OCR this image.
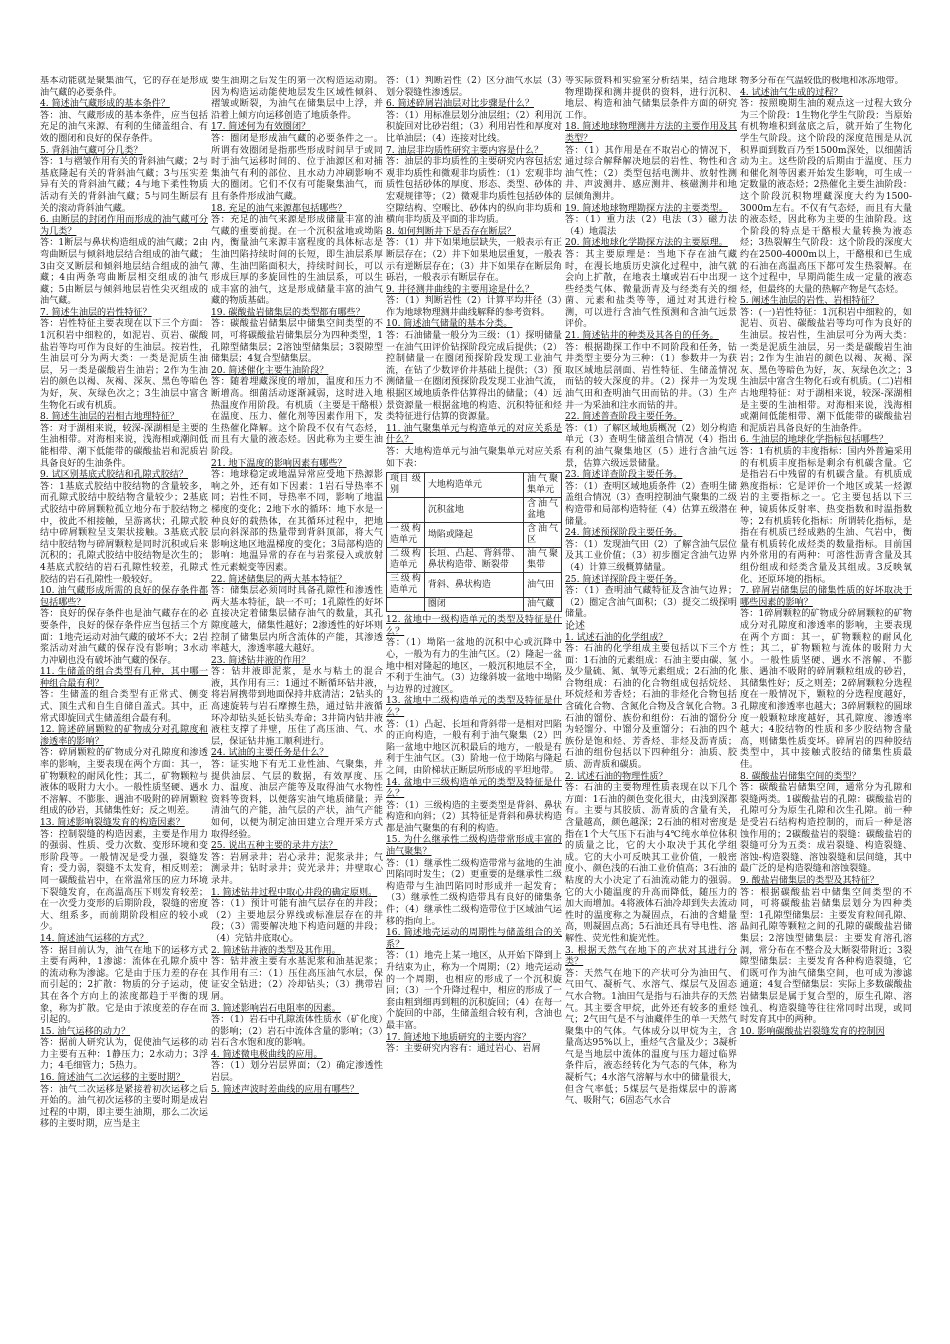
基本动能就是聚集油气，它的存在是形成油气藏的必要条件。

4. 简述油气藏形成的基本条件？

答：油、气藏形成的基本条件，应当包括充足的油气来源、有利的生储盖组合、有效的圈闭和良好的保存条件。

5. 背斜油气藏可分几类？

答：1与褶皱作用有关的背斜油气藏；2与基底隆起有关的背斜油气藏；3与压实差异有关的背斜油气藏；4与地下柔性物质活动有关的背斜油气藏；5与同生断层有关的滚动背斜油气藏。

6. 由断层的封闭作用而形成的油气藏可分为几类？

答：1断层与鼻状构造组成的油气藏；2由弯曲断层与倾斜地层结合组成的油气藏；3由交叉断层和倾斜地层结合组成的油气藏；4由两条弯曲断层相交组成的油气藏；5由断层与倾斜地层岩性尖灭组成的油气藏。

7. 简述生油层的岩性特征？

答：岩性特征主要表现在以下三个方面：1沉积岩中细粒的，如泥岩、页岩、碳酸盐岩等均可作为良好的生油层。按岩性，生油层可分为两大类：一类是泥质生油层，另一类是碳酸岩生油岩；2作为生油岩的颜色以褐、灰褐、深灰、黑色等暗色为好，灰、灰绿色次之；3生油层中富含生物化石或有机质。

8. 简述生油层的岩相古地理特征？

答：对于湖相来说，较深-深湖相是主要的生油相带。对海相来说，浅海相或潮间低能相带、潮下低能带的碳酸盐岩和泥质岩具备良好的生油条件。

9. 试区别基底式胶结和孔隙式胶结？

答：1基底式胶结中胶结物的含量较多，而孔隙式胶结中胶结物含量较少；2基底式胶结中碎屑颗粒孤立地分布于胶结物之中，彼此不相接触，呈游离状；孔隙式胶结中碎屑颗粒呈支架状接触。3基底式胶结中胶结物与碎屑颗粒是同时沉积或后来沉积的；孔隙式胶结中胶结物是次生的；4基底式胶结的岩石孔隙性较差，孔隙式胶结的岩石孔隙性一般较好。

10. 油气藏形成所需的良好的保存条件都包括哪些？

答：良好的保存条件也是油气藏存在的必要条件，良好的保存条件应当包括三个方面：1地壳运动对油气藏的破坏不大；2岩浆活动对油气藏的保存没有影响；3水动力冲刷也没有破坏油气藏的保存。

11. 生储盖的组合类型有几种，其中哪一种组合最有利？

答：生储盖的组合类型有正常式、侧变式、顶生式和自生自储自盖式。其中，正常式即旋回式生储盖组合最有利。

12. 简述碎屑颗粒的矿物成分对孔隙度和渗透率的影响？

答：碎屑颗粒的矿物成分对孔隙度和渗透率的影响，主要表现在两个方面：其一，矿物颗粒的耐风化性；其二，矿物颗粒与液体的吸附力大小。一般性质坚硬、遇水不溶解、不膨胀、遇油不吸附的碎屑颗粒组成的砂岩，其储集性好；反之则差。

13. 简述影响裂缝发育的构造因素？

答：控制裂缝的构造因素，主要是作用力的强弱、性质、受力次数、变形环境和变形阶段等。一般情况是受力强，裂缝发育；受力弱，裂缝不太发育，相反则差；同一碳酸盐岩中，在常温常压的应力环境下裂缝发育，在高温高压下则发育较差；在一次受力变形的后期阶段，裂缝的密度大、组系多，而前期阶段相应的较小或少。

14. 简述油气运移的方式？

答：据目前认为，油气在地下的运移方式主要有两种，1渗滤：流体在孔隙介质中的流动称为渗滤。它是由于压力差的存在而引起的；2扩散：物质的分子运动，使其在各个方向上的浓度都趋于平衡的现象，称为扩散。它是由于浓度差的存在而引起的。

15. 油气运移的动力？

答：据前人研究认为，促使油气运移的动力主要有五种：1静压力；2水动力；3浮力；4毛细管力；5热力。

16. 简述油气二次运移的主要时期？

答：油气二次运移是紧接着初次运移之后开始的。油气初次运移的主要时期是成岩过程的中期，即主要生油期，那么二次运移的主要时期，应当是主

要生油期之后发生的第一次构造运动期。因为构造运动能使地层发生区域性倾斜、褶皱或断裂，为油气在储集层中上浮，并沿着上倾方向运移创造了地质条件。

17. 简述何为有效圈闭？

答：圈闭是形成油气藏的必要条件之一。所谓有效圈闭是指那些形成时间早于或同时于油气运移时间的、位于油源区和对捕集油气有利的部位、且水动力冲刷影响不大的圈闭。它们不仅有可能聚集油气，而且有条件形成油气藏。

18. 充足的油气来源都包括哪些？

答：充足的油气来源是形成储量丰富的油气藏的重要前提。在一个沉积盆地或坳陷内，衡量油气来源丰富程度的具体标志是生油凹陷持续时间的长短，即生油层系厚薄、生油凹陷面积大，持续时间长，可以形成巨厚的多旋回性的生油层系，可以生成丰富的油气，这是形成储量丰富的油气藏的物质基础。

19. 碳酸盐岩储集层的类型都有哪些？

答：碳酸盐岩储集层中储集空间类型的不同，可将碳酸盐岩储集层分为四种类型，1孔隙型储集层；2溶蚀型储集层；3裂隙型储集层；4复合型储集层。

20. 简述催化主要生油阶段？

答：随着埋藏深度的增加，温度和压力不断增高。细菌活动逐渐减弱，这时进入地热温度作用阶段。有机质（主要是干酪根）在温度、压力、催化剂等因素作用下，发生热催化降解。这个阶段不仅有气态烃，而且有大量的液态烃。因此称为主要生油阶段。

21. 地下温度的影响因素有哪些？

答：地球稳定或地温异常应受地下热源影响之外，还有如下因素：1岩石导热率不同；岩性不同，导热率不同，影响了地温梯度的变化；2地下水的循环：地下水是一种良好的载热体，在其循环过程中，把地层向斜深部的热量带到背斜顶部，将大气影响这地区地温梯度的变化；3局部构造的影响：地温异常的存在与岩浆侵入或放射性元素蜕变等因素。

22. 简述储集层的两大基本特征？

答：储集层必须同时具备孔隙性和渗透性两大基本特征，缺一不可；1孔隙性的好坏直接决定着储集层储存油气的数量，其孔隙度越大，储集性越好；2渗透性的好坏则控制了储集层内所含流体的产能，其渗透率越大，渗透率越大越好。

23. 简述钻井液的作用？

答：钻井液即泥浆，是水与粘土的混合液，其作用有三：1通过不断循环钻井液，将岩屑携带到地面保持井底清洁；2钻头的高速旋转与岩石摩擦生热，通过钻井液循环冷却钻头延长钻头寿命；3井筒内钻井液液柱支撑了井壁，压住了高压油、气、水层，保证钻井施工顺利进行。

24. 试油的主要任务是什么？

答：证实地下有无工业性油、气聚集，并提供油层、气层的数据，有效厚度、压力、温度、油层产能等及取得油气水物性资料等资料，以便落实油气地质储量；弄清油气的产能，油气层的产状，油气产能如何，以便为制定油田建立合理开采方式取得经验。

25. 说出五种主要的录井方法？

答：岩屑录井；岩心录井；泥浆录井；气测录井；钻时录井；荧光录井；井壁取心录井。

1. 简述钻井过程中取心井段的确定原则。

答：（1）预计可能有油气层存在的井段；（2）主要地层分界线或标准层存在的井段；（3）需要解决地下构造问题的井段；（4）完钻井底取心。

2. 简述钻井液的类型及其作用。

答：钻井液主要有水基泥浆和油基泥浆；其作用有三：（1）压住高压油气水层，保证安全钻进；（2）冷却钻头；（3）携带岩屑。

3. 简述影响岩石电阻率的因素。

答：（1）岩石中孔隙流体性质水（矿化度）的影响；（2）岩石中流体含量的影响；（3）岩石含水饱和度的影响。

4. 简述微电极曲线的应用。

答：（1）划分岩层界面；（2）确定渗透性岩层。

5. 简述声波时差曲线的应用有哪些？

答：（1）判断岩性（2）区分油气水层（3）划分裂缝性渗透层。

6. 简述碎屑岩油层对比步骤是什么？

答：（1）用标准层划分油层组；（2）利用沉积旋回对比砂岩组；（3）利用岩性和厚度对比单油层；（4）连接对比线。

7. 油层非均质性研究主要内容是什么？

答：油层的非均质性的主要研究内容包括宏观非均质性和微观非均质性：（1）宏观非均质性包括砂体的厚度、形态、类型、砂体的宏观规律等；（2）微观非均质性包括砂体的空隙结构、空喉比、砂体内的纵向非均质和横向非均质及平面的非均质。

8. 如何判断井下是否存在断层？

答：（1）井下如果地层缺失，一般表示有正断层存在；（2）井下如果地层重复，一般表示有逆断层存在；（3）井下如果存在断层角砾岩，一般表示有断层存在。

9. 井径测井曲线的主要用途是什么？

答：（1）判断岩性（2）计算平均井径（3）作为地球物理测井曲线解释的参考资料。

10. 简述油气储量的基本分类。

答：石油储量一般分为三级：（1）探明储量一在油气田评价钻探阶段完成后提供；（2）控制储量一在圈闭预探阶段发现工业油气流，在钻了少数评价井基础上提供；（3）预测储量一在圈闭预探阶段发现工业油气流，根据区域地质条件估算得出的储量；（4）远景资源量一根据盆地的构造、沉积特征和烃类特征进行估算的资源量。

11. 油气聚集单元与构造单元的对应关系是什么？

答：大地构造单元与油气聚集单元对应关系如下表：

项目 级别	大地构造单元	油气聚集单元
	沉积盆地	含油气盆地
一级构造单元	坳陷或隆起	含油气区
二级构造单元	长垣、凸起、背斜带、鼻状构造带、断裂带	油气聚集带
三级构造单元	背斜、鼻状构造	油气田
	圈闭	油气藏

12. 盆地中一级构造单元的类型及特征是什么？

答：（1）坳陷一盆地的沉积中心或沉降中心，一般为有力的生油气区。（2）隆起一盆地中相对隆起的地区，一般沉积地层不全，不利于生油气。（3）边缘斜坡一盆地中坳陷与边界的过渡区。

13. 盆地中二级构造单元的类型及特征是什么？

答：（1）凸起、长垣和背斜带一是相对凹陷的正向构造，一般有利于油气聚集（2）凹陷一盆地中地区沉积最后的地方，一般是有利于生油气区。（3）阶地一位于坳陷与隆起之间，由阶梯状正断层所形成的平坦地带。

14. 盆地中三级构造单元的类型及特征是什么？

答：（1）三级构造的主要类型是背斜、鼻状构造和向斜；（2）其特征是背斜和鼻状构造都是油气聚集的有利的构造。

15. 为什么继承性二级构造带常形成丰富的油气聚集？

答：（1）继承性二级构造带常与盆地的生油凹陷同时发生；（2）更重要的是继承性二级构造带与生油凹陷同时形成并一起发育；（3）继承性二级构造带具有良好的储集条件；（4）继承性二级构造带位于区域油气运移的指向上。

16. 简述地壳运动的周期性与储盖组合的关系？

答：（1）地壳上某一地区，从开始下降到上升结束为止，称为一个周期；（2）地壳运动的一个周期，也相应的形成了一个沉积旋回；（3）一个升降过程中，相应的形成了一套由粗到细再到粗的沉积旋回；（4）在每一个旋回的中部，生储盖组合较有利，含油也最丰富。

17. 简述地下地质研究的主要内容？

答：主要研究内容有：通过岩心、岩屑

等实际资料和实验室分析结果，结合地球物理勘探和测井提供的资料，进行沉积、地层、构造和油气储集层条件方面的研究工作。

18. 简述地球物理测井方法的主要作用及其类型？

答：（1）其作用是在不取岩心的情况下，通过综合解释解决地层的岩性、物性和含油气性；（2）类型包括电测井、放射性测井、声波测井、感应测井、核磁测井和地层倾角测井。

19. 简述地球物理勘探方法的主要类型。

答：（1）重力法（2）电法（3）磁力法（4）地震法

20. 简述地球化学勘探方法的主要原理。

答：其主要原理是：当地下存在油气藏时，在漫长地质历史演化过程中，油气就会向上扩散，在地表土壤或岩石中出现一些经类气体、微量沥青及与经类有关的细菌、元素和盐类等等，通过对其进行检测，可以进行含油气性预测和含油气远景评价。

21. 简述钻井的种类及其各自的任务。

答：根据勘探工作中不同阶段和任务，钻井类型主要分为三种：（1）参数井一为获取区域地层剖面、岩性特征、生储盖情况而钻的较大深度的井。（2）探井一为发现油气田和查明油气田而钻的井。（3）生产井一为采油和注水而钻的井。

22. 简述普查阶段主要任务。

答：（1）了解区域地质概况（2）划分构造单元（3）查明生储盖组合情况（4）指出有利的油气聚集地区（5）进行含油气远景，估算六级远景储量。

23. 简述详查阶段主要任务。

答：（1）查明区域地质条件（2）查明生储盖组合情况（3）查明控制油气聚集的二级构造带和局部构造特征（4）估算五级潜在储量。

24. 简述预探阶段主要任务。

答：（1）发现油气田（2）了解含油气层位及其工业价值；（3）初步圈定含油气边界（4）计算三级概算储量。

25. 简述详探阶段主要任务。

答：（1）查明油气藏特征及含油气边界；（2）圈定含油气面积；（3）提交二级探明储量。

论述

1. 试述石油的化学组成？

答：石油的化学组成主要包括以下三个方面：1石油的元素组成：石油主要由碳、氢及少量硫、氮、氧等元素组成；2石油的化合物组成：石油的化合物组成包括烷烃、环烷烃和芳香烃；石油的非烃化合物包括含硫化合物、含氮化合物及含氧化合物。3石油的馏份、族份和组份：石油的馏份分为轻馏分、中馏分及重馏分；石油的四个族份是饱和烃、芳香烃、非烃及沥青质；石油的组份包括以下四种组分：油质、胶质、沥青质和碳质。

2. 试述石油的物理性质？

答：石油的主要物理性质表现在以下几个方面：1石油的颜色变化很大，由浅到深都有。主要与其胶质、沥青质的含量有关，含量越高，颜色越深；2石油的相对密度是指在1个大气压下石油与4℃纯水单位体积的质量之比，它的大小取决于其化学组成。它的大小可反映其工业价值，一般密度小、颜色浅的石油工业价值高；3石油的粘度的大小决定了石油流动能力的强弱。它的大小随温度的升高而降低，随压力的加大而增加。4将液体石油冷却到失去流动性时的温度称之为凝固点，石油的含蜡量高，则凝固点高；5石油还具有导电性、溶解性、荧光性和旋光性。

3. 根据天然气在地下的产状对其进行分类？

答：天然气在地下的产状可分为油田气、气田气、凝析气、水溶气、煤层气及固态气水合物。1油田气是指与石油共存的天然气。其主要含甲烷，此外还有较多的重烃气；2气田气是不与油藏伴生的单一天然气聚集中的气体。气体成分以甲烷为主，含量高达95%以上，重烃气含量及少；3凝析气是当地层中流体的温度与压力超过临界条件后，液态经转化为气态的气体，称为凝析气；4水溶气溶解与水中的储量很大，但含气率低；5煤层气是指煤层中的游离气、吸附气；6固态气水合

物多分布在气温较低的极地和冰冻地带。

4. 试述油气生成的过程？

答：按照晚期生油的观点这一过程大致分为三个阶段：1生物化学生气阶段：当原始有机物堆积到盆底之后，就开始了生物化学生气阶段。这个阶段的深度范围是从沉积界面到数百乃至1500m深处，以细菌活动为主。这些阶段的后期由于温度、压力和催化剂等因素开始发生影响，可生成一定数量的液态烃；2热催化主要生油阶段：这个阶段沉积物埋藏深度大约为1500-3000m左右。不仅有气态烃，而且有大量的液态烃，因此称为主要的生油阶段。这个阶段的特点是干酪根大量转换为液态烃；3热裂解生气阶段：这个阶段的深度大约在2500-4000m以上，干酪根和已生成的石油在高温高压下都可发生热裂解。在这个过程中，早期尚能生成一定量的液态烃，但最终的大量的热解产物是气态烃。

5. 阐述生油层的岩性、岩相特征？

答：(一)岩性特征：1沉积岩中细粒的，如泥岩、页岩、碳酸盐岩等均可作为良好的生油层。按岩性，生油层可分为两大类：一类是泥质生油层，另一类是碳酸岩生油岩；2作为生油岩的颜色以褐、灰褐、深灰、黑色等暗色为好，灰、灰绿色次之；3生油层中富含生物化石或有机质。(二)岩相古地理特征：对于湖相来说，较深-深湖相是主要的生油相带。对海相来说，浅海相或潮间低能相带、潮下低能带的碳酸盐岩和泥质岩具备良好的生油条件。

6. 生油层的地球化学指标包括哪些？

答：1有机质的丰度指标：国内外普遍采用的有机质丰度指标是剩余有机碳含量。它是指岩石中残留的有机碳含量。有机质成熟度指标：它是评价一个地区或某一烃源岩的主要指标之一。它主要包括以下三种，镜质体反射率、热变指数和时温指数等；2有机质转化指标：所谓转化指标，是指在有机质已经成熟的生油、气岩中，衡量有机质转化成烃类的数量指标。目前国内外常用的有两种：可溶性沥青含量及其组份组成和烃类含量及其组成。3反映氧化、还原环境的指标。

7. 碎屑岩储集层的储集性质的好坏取决于哪些因素的影响？

答：1碎屑颗粒的矿物成分碎屑颗粒的矿物成分对孔隙度和渗透率的影响，主要表现在两个方面：其一，矿物颗粒的耐风化性；其二，矿物颗粒与流体的吸附力大小。一般性质坚硬、遇水不溶解、不膨胀、遇油不吸附的碎屑颗粒组成的砂岩，其储集性好；反之则差；2碎屑颗粒分选程度在一般情况下，颗粒的分选程度越好，孔隙度和渗透率也越大；3碎屑颗粒的圆球度一般颗粒球度越好，其孔隙度、渗透率越大；4胶结物的性质和多少胶结物含量高，则储集性质变坏。碎屑岩的四种胶结类型中，其中接触式胶结的储集性质最佳。

8. 碳酸盐岩储集空间的类型？

答：碳酸盐岩储集空间，通常分为孔隙和裂缝两类。1碳酸盐岩的孔隙：碳酸盐岩的孔隙可分为原生孔隙和次生孔隙。前一种是受岩石结构构造控制的，而后一种是溶蚀作用的；2碳酸盐岩的裂缝：碳酸盐岩的裂缝可分为五类：成岩裂缝、构造裂缝、溶蚀-构造裂缝、溶蚀裂缝和层间缝，其中最广泛的是构造裂缝和溶蚀裂缝。

9. 酸盐岩储集层的类型及其特征？

答：根据碳酸盐岩中储集空间类型的不同，可将碳酸盐岩储集层划分为四种类型：1孔隙型储集层：主要发育粒间孔隙、晶间孔隙等颗粒之间的孔隙的碳酸盐岩储集层；2溶蚀型储集层：主要发育溶孔溶洞，常分布在不整合及大断裂带附近；3裂隙型储集层：主要发育各种构造裂缝，它们既可作为油气储集空间，也可成为渗滤通道；4复合型储集层：实际上多数碳酸盐岩储集层是属于复合型的，原生孔隙、溶蚀孔、构造裂缝等往往常同时出现，或同时发育其中的两种。

10. 影响碳酸盐岩裂缝发育的控制因
